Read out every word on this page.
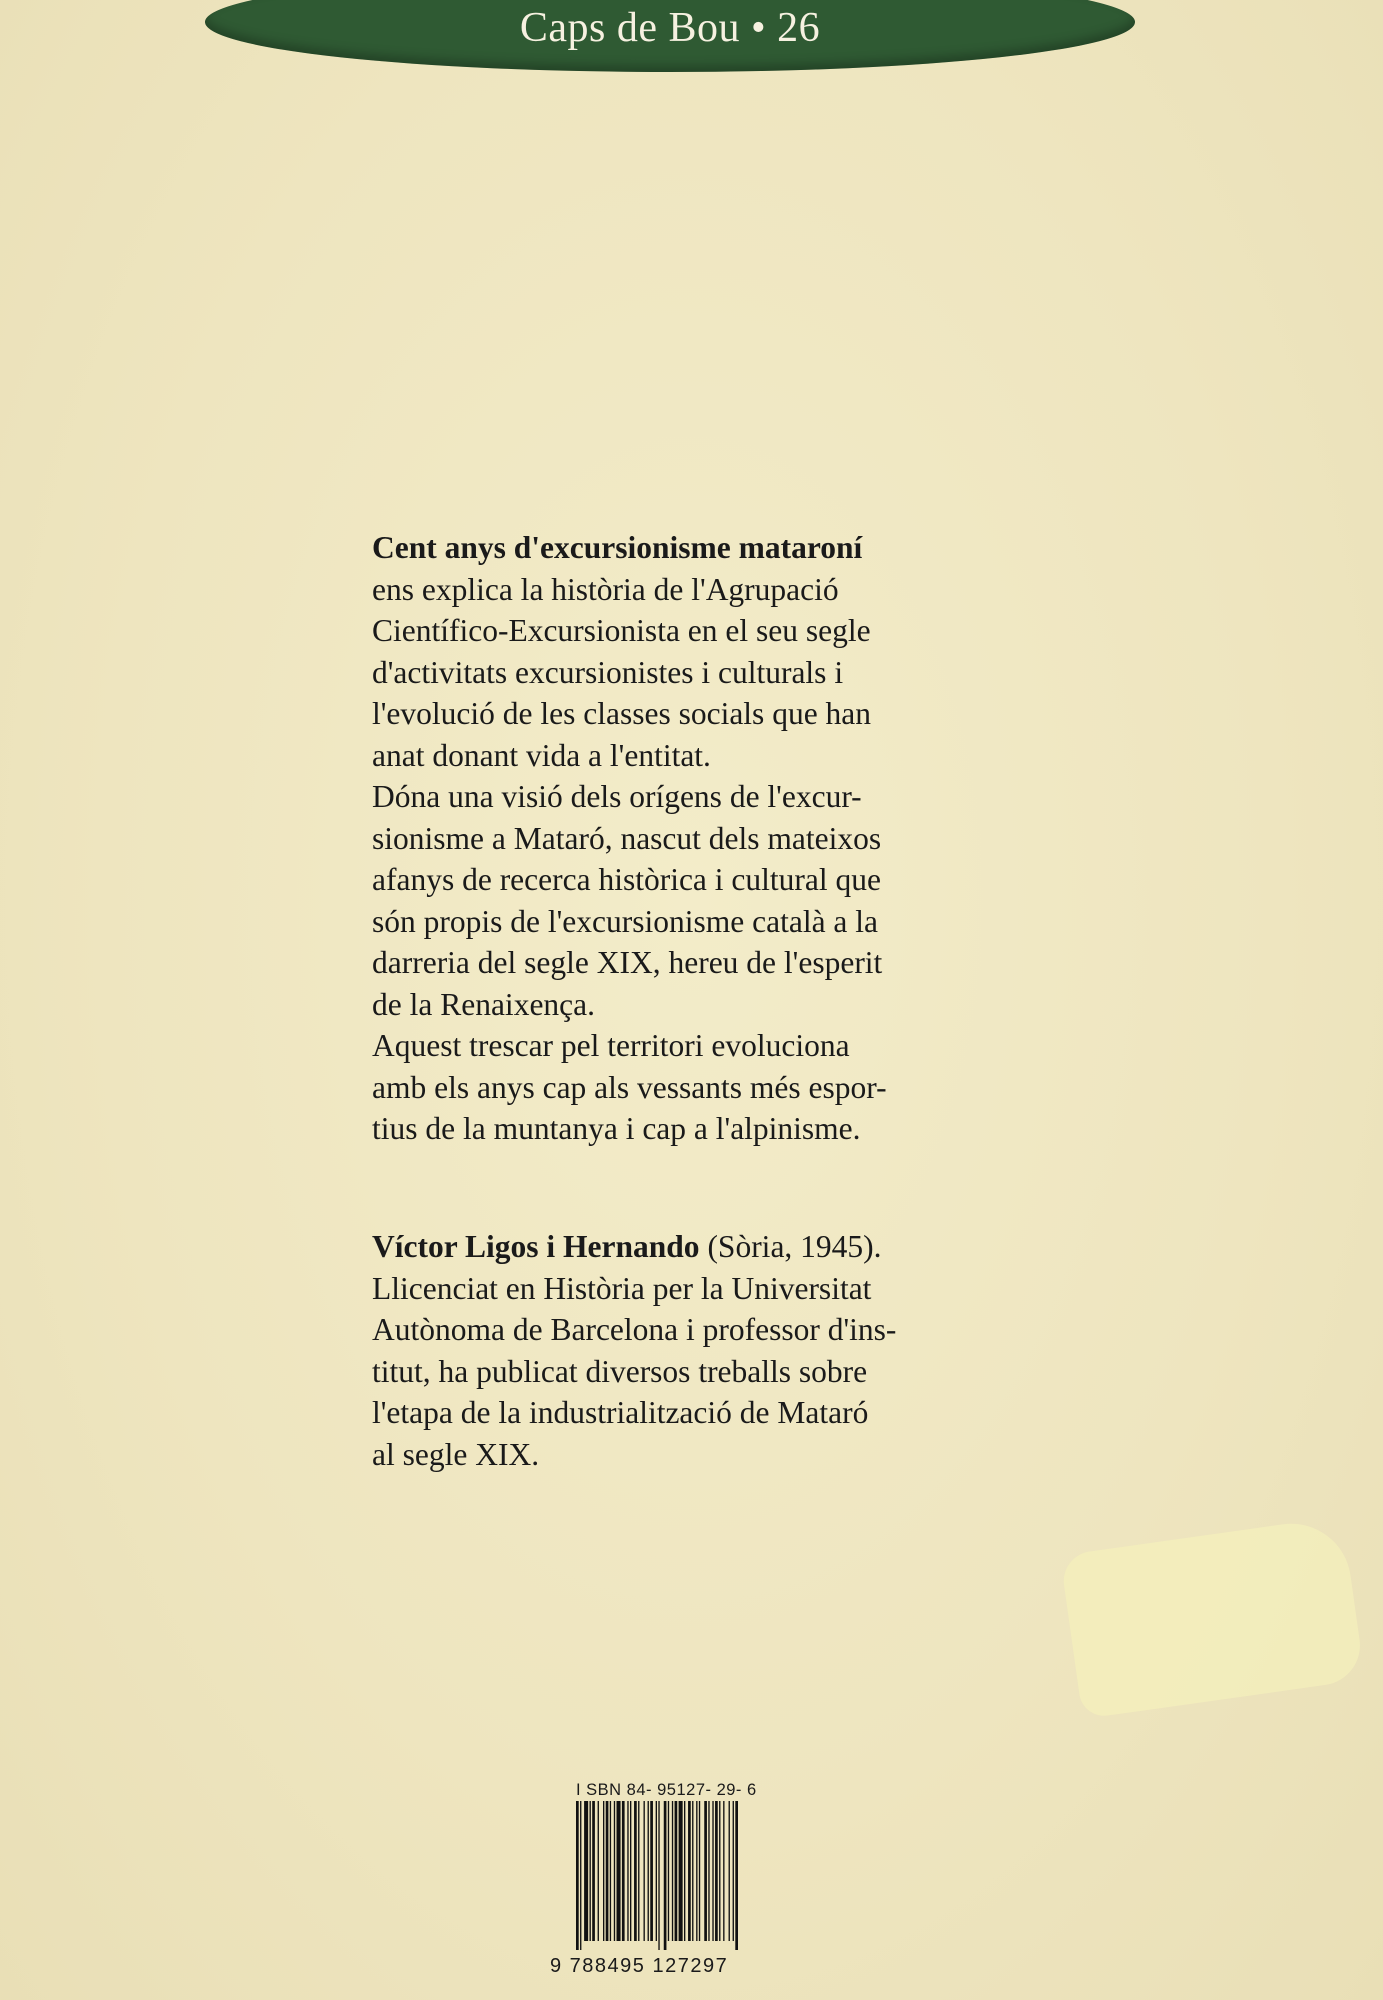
Caps de Bou • 26
Cent anys d'excursionisme mataroní

ens explica la història de l'Agrupació
Científico-Excursionista en el seu segle
d'activitats excursionistes i culturals i
l'evolució de les classes socials que han
anat donant vida a l'entitat.

Dóna una visió dels orígens de l'excur-
sionisme a Mataró, nascut dels mateixos
afanys de recerca històrica i cultural que
són propis de l'excursionisme català a la
darreria del segle XIX, hereu de l'esperit
de la Renaixença.

Aquest trescar pel territori evoluciona
amb els anys cap als vessants més espor-
tius de la muntanya i cap a l'alpinisme.

Víctor Ligos i Hernando (Sòria, 1945).
Llicenciat en Història per la Universitat
Autònoma de Barcelona i professor d'ins-
titut, ha publicat diversos treballs sobre
l'etapa de la industrialització de Mataró
al segle XIX.
I SBN 84- 95127- 29- 6
9 788495 127297
